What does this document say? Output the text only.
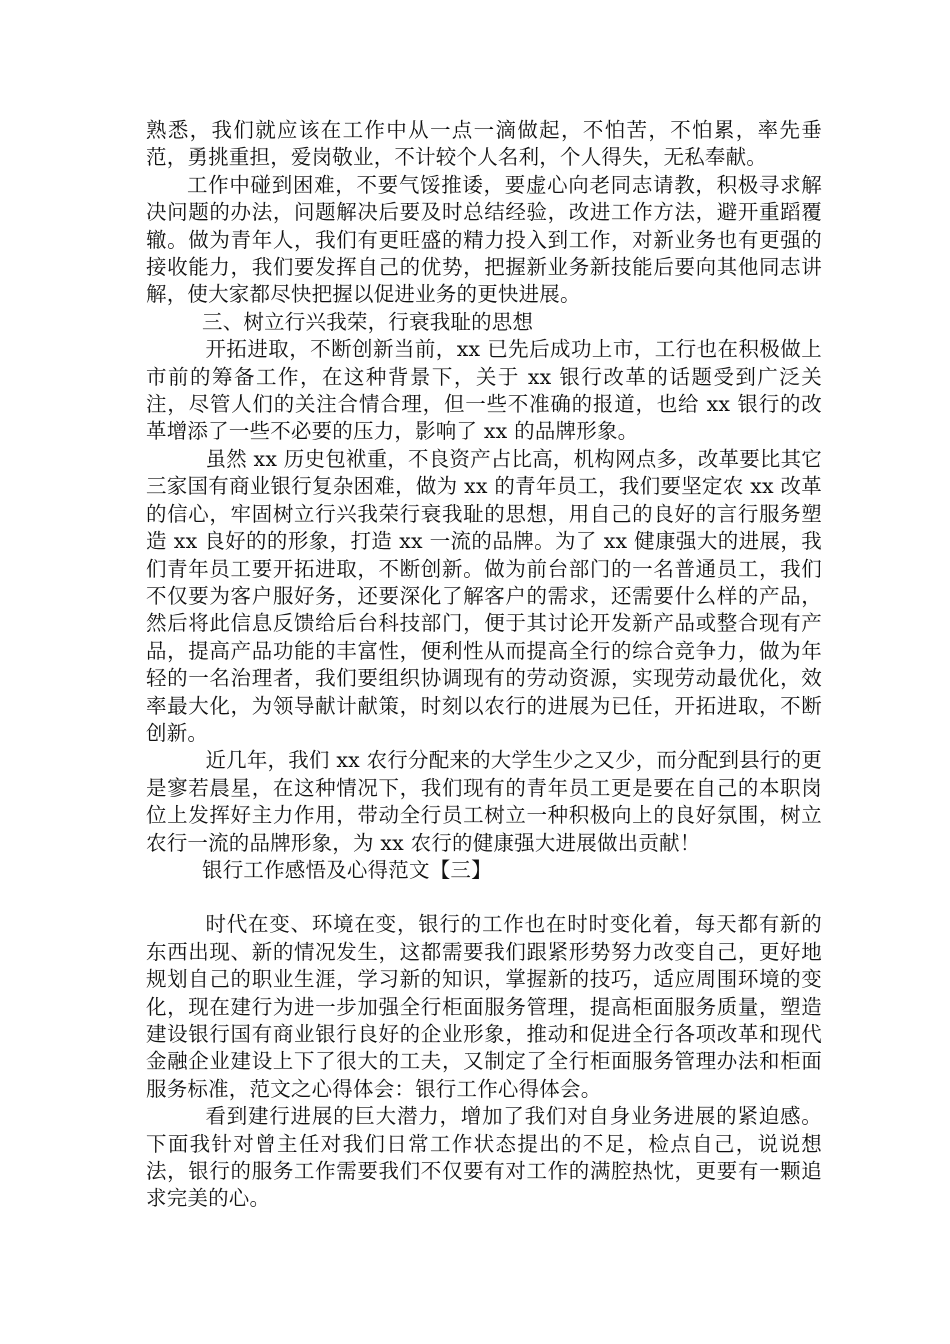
熟悉，我们就应该在工作中从一点一滴做起，不怕苦，不怕累，率先垂范，勇挑重担，爱岗敬业，不计较个人名利，个人得失，无私奉献。

工作中碰到困难，不要气馁推诿，要虚心向老同志请教，积极寻求解决问题的办法，问题解决后要及时总结经验，改进工作方法，避开重蹈覆辙。做为青年人，我们有更旺盛的精力投入到工作，对新业务也有更强的接收能力，我们要发挥自己的优势，把握新业务新技能后要向其他同志讲解，使大家都尽快把握以促进业务的更快进展。

三、树立行兴我荣，行衰我耻的思想

开拓进取，不断创新当前，xx 已先后成功上市，工行也在积极做上市前的筹备工作，在这种背景下，关于 xx 银行改革的话题受到广泛关注，尽管人们的关注合情合理，但一些不准确的报道，也给 xx 银行的改革增添了一些不必要的压力，影响了 xx 的品牌形象。

虽然 xx 历史包袱重，不良资产占比高，机构网点多，改革要比其它三家国有商业银行复杂困难，做为 xx 的青年员工，我们要坚定农 xx 改革的信心，牢固树立行兴我荣行衰我耻的思想，用自己的良好的言行服务塑造 xx 良好的的形象，打造 xx 一流的品牌。为了 xx 健康强大的进展，我们青年员工要开拓进取，不断创新。做为前台部门的一名普通员工，我们不仅要为客户服好务，还要深化了解客户的需求，还需要什么样的产品，然后将此信息反馈给后台科技部门，便于其讨论开发新产品或整合现有产品，提高产品功能的丰富性，便利性从而提高全行的综合竞争力，做为年轻的一名治理者，我们要组织协调现有的劳动资源，实现劳动最优化，效率最大化，为领导献计献策，时刻以农行的进展为已任，开拓进取，不断创新。

近几年，我们 xx 农行分配来的大学生少之又少，而分配到县行的更是寥若晨星，在这种情况下，我们现有的青年员工更是要在自己的本职岗位上发挥好主力作用，带动全行员工树立一种积极向上的良好氛围，树立农行一流的品牌形象，为 xx 农行的健康强大进展做出贡献！

银行工作感悟及心得范文【三】

时代在变、环境在变，银行的工作也在时时变化着，每天都有新的东西出现、新的情况发生，这都需要我们跟紧形势努力改变自己，更好地规划自己的职业生涯，学习新的知识，掌握新的技巧，适应周围环境的变化，现在建行为进一步加强全行柜面服务管理，提高柜面服务质量，塑造建设银行国有商业银行良好的企业形象，推动和促进全行各项改革和现代金融企业建设上下了很大的工夫，又制定了全行柜面服务管理办法和柜面服务标准，范文之心得体会：银行工作心得体会。

看到建行进展的巨大潜力，增加了我们对自身业务进展的紧迫感。 下面我针对曾主任对我们日常工作状态提出的不足，检点自己，说说想法，银行的服务工作需要我们不仅要有对工作的满腔热忱，更要有一颗追求完美的心。
